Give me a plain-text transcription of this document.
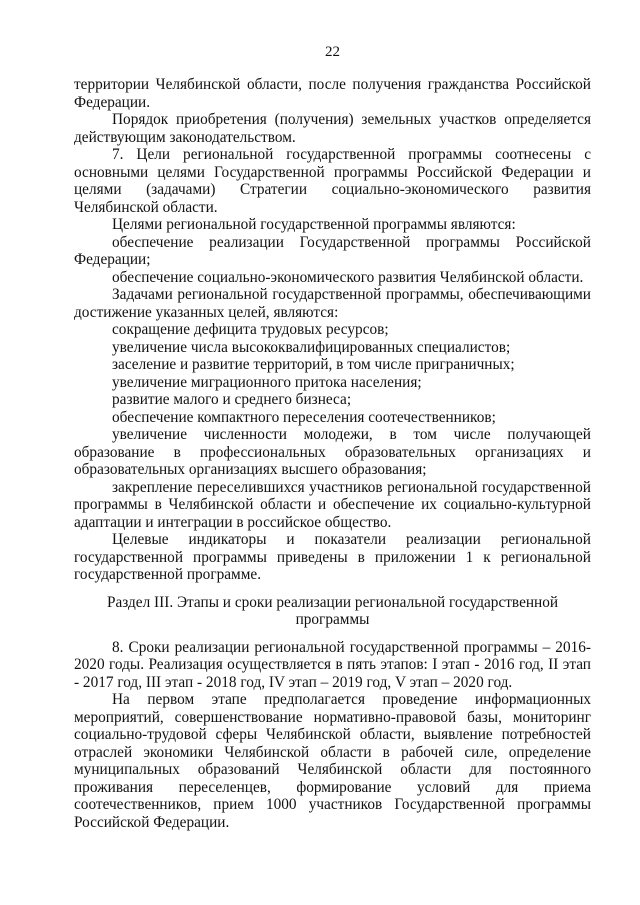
22

территории Челябинской области, после получения гражданства Российской Федерации.

Порядок приобретения (получения) земельных участков определяется действующим законодательством.

7. Цели региональной государственной программы соотнесены с основными целями Государственной программы Российской Федерации и целями (задачами) Стратегии социально-экономического развития Челябинской области.

Целями региональной государственной программы являются:

обеспечение реализации Государственной программы Российской Федерации;

обеспечение социально-экономического развития Челябинской области.

Задачами региональной государственной программы, обеспечивающими достижение указанных целей, являются:

сокращение дефицита трудовых ресурсов;

увеличение числа высококвалифицированных специалистов;

заселение и развитие территорий, в том числе приграничных;

увеличение миграционного притока населения;

развитие малого и среднего бизнеса;

обеспечение компактного переселения соотечественников;

увеличение численности молодежи, в том числе получающей образование в профессиональных образовательных организациях и образовательных организациях высшего образования;

закрепление переселившихся участников региональной государственной программы в Челябинской области и обеспечение их социально-культурной адаптации и интеграции в российское общество.

Целевые индикаторы и показатели реализации региональной государственной программы приведены в приложении 1 к региональной государственной программе.

Раздел III. Этапы и сроки реализации региональной государственной программы

8. Сроки реализации региональной государственной программы – 2016-2020 годы. Реализация осуществляется в пять этапов: I этап - 2016 год, II этап - 2017 год, III этап - 2018 год, IV этап – 2019 год, V этап – 2020 год.

На первом этапе предполагается проведение информационных мероприятий, совершенствование нормативно-правовой базы, мониторинг социально-трудовой сферы Челябинской области, выявление потребностей отраслей экономики Челябинской области в рабочей силе, определение муниципальных образований Челябинской области для постоянного проживания переселенцев, формирование условий для приема соотечественников, прием 1000 участников Государственной программы Российской Федерации.
